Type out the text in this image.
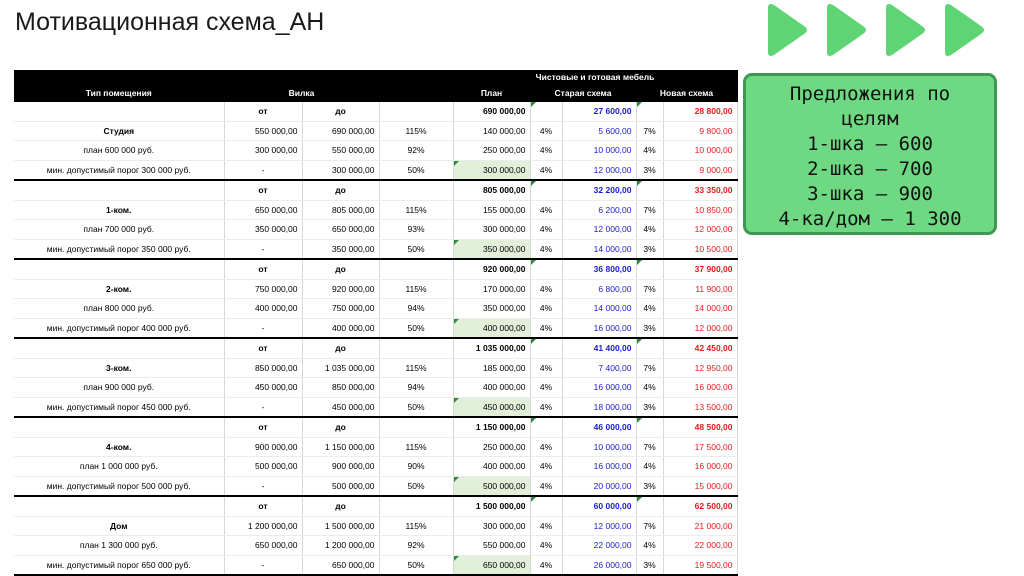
Мотивационная схема_АН
Предложения по
целям
1-шка – 600
2-шка – 700
3-шка – 900
4-ка/дом – 1 300
				Чистовые и готовая мебель				
Тип помещения	Вилка			План	Старая схема		Новая схема	
	от	до		690 000,00		27 600,00		28 800,00
Студия	550 000,00	690 000,00	115%	140 000,00	4%	5 600,00	7%	9 800,00
план 600 000 руб.	300 000,00	550 000,00	92%	250 000,00	4%	10 000,00	4%	10 000,00
мин. допустимый порог 300 000 руб.	-	300 000,00	50%	300 000,00	4%	12 000,00	3%	9 000,00
	от	до		805 000,00		32 200,00		33 350,00
1-ком.	650 000,00	805 000,00	115%	155 000,00	4%	6 200,00	7%	10 850,00
план 700 000 руб.	350 000,00	650 000,00	93%	300 000,00	4%	12 000,00	4%	12 000,00
мин. допустимый порог 350 000 руб.	-	350 000,00	50%	350 000,00	4%	14 000,00	3%	10 500,00
	от	до		920 000,00		36 800,00		37 900,00
2-ком.	750 000,00	920 000,00	115%	170 000,00	4%	6 800,00	7%	11 900,00
план 800 000 руб.	400 000,00	750 000,00	94%	350 000,00	4%	14 000,00	4%	14 000,00
мин. допустимый порог 400 000 руб.	-	400 000,00	50%	400 000,00	4%	16 000,00	3%	12 000,00
	от	до		1 035 000,00		41 400,00		42 450,00
3-ком.	850 000,00	1 035 000,00	115%	185 000,00	4%	7 400,00	7%	12 950,00
план 900 000 руб.	450 000,00	850 000,00	94%	400 000,00	4%	16 000,00	4%	16 000,00
мин. допустимый порог 450 000 руб.	-	450 000,00	50%	450 000,00	4%	18 000,00	3%	13 500,00
	от	до		1 150 000,00		46 000,00		48 500,00
4-ком.	900 000,00	1 150 000,00	115%	250 000,00	4%	10 000,00	7%	17 500,00
план 1 000 000 руб.	500 000,00	900 000,00	90%	400 000,00	4%	16 000,00	4%	16 000,00
мин. допустимый порог 500 000 руб.	-	500 000,00	50%	500 000,00	4%	20 000,00	3%	15 000,00
	от	до		1 500 000,00		60 000,00		62 500,00
Дом	1 200 000,00	1 500 000,00	115%	300 000,00	4%	12 000,00	7%	21 000,00
план 1 300 000 руб.	650 000,00	1 200 000,00	92%	550 000,00	4%	22 000,00	4%	22 000,00
мин. допустимый порог 650 000 руб.	-	650 000,00	50%	650 000,00	4%	26 000,00	3%	19 500,00
